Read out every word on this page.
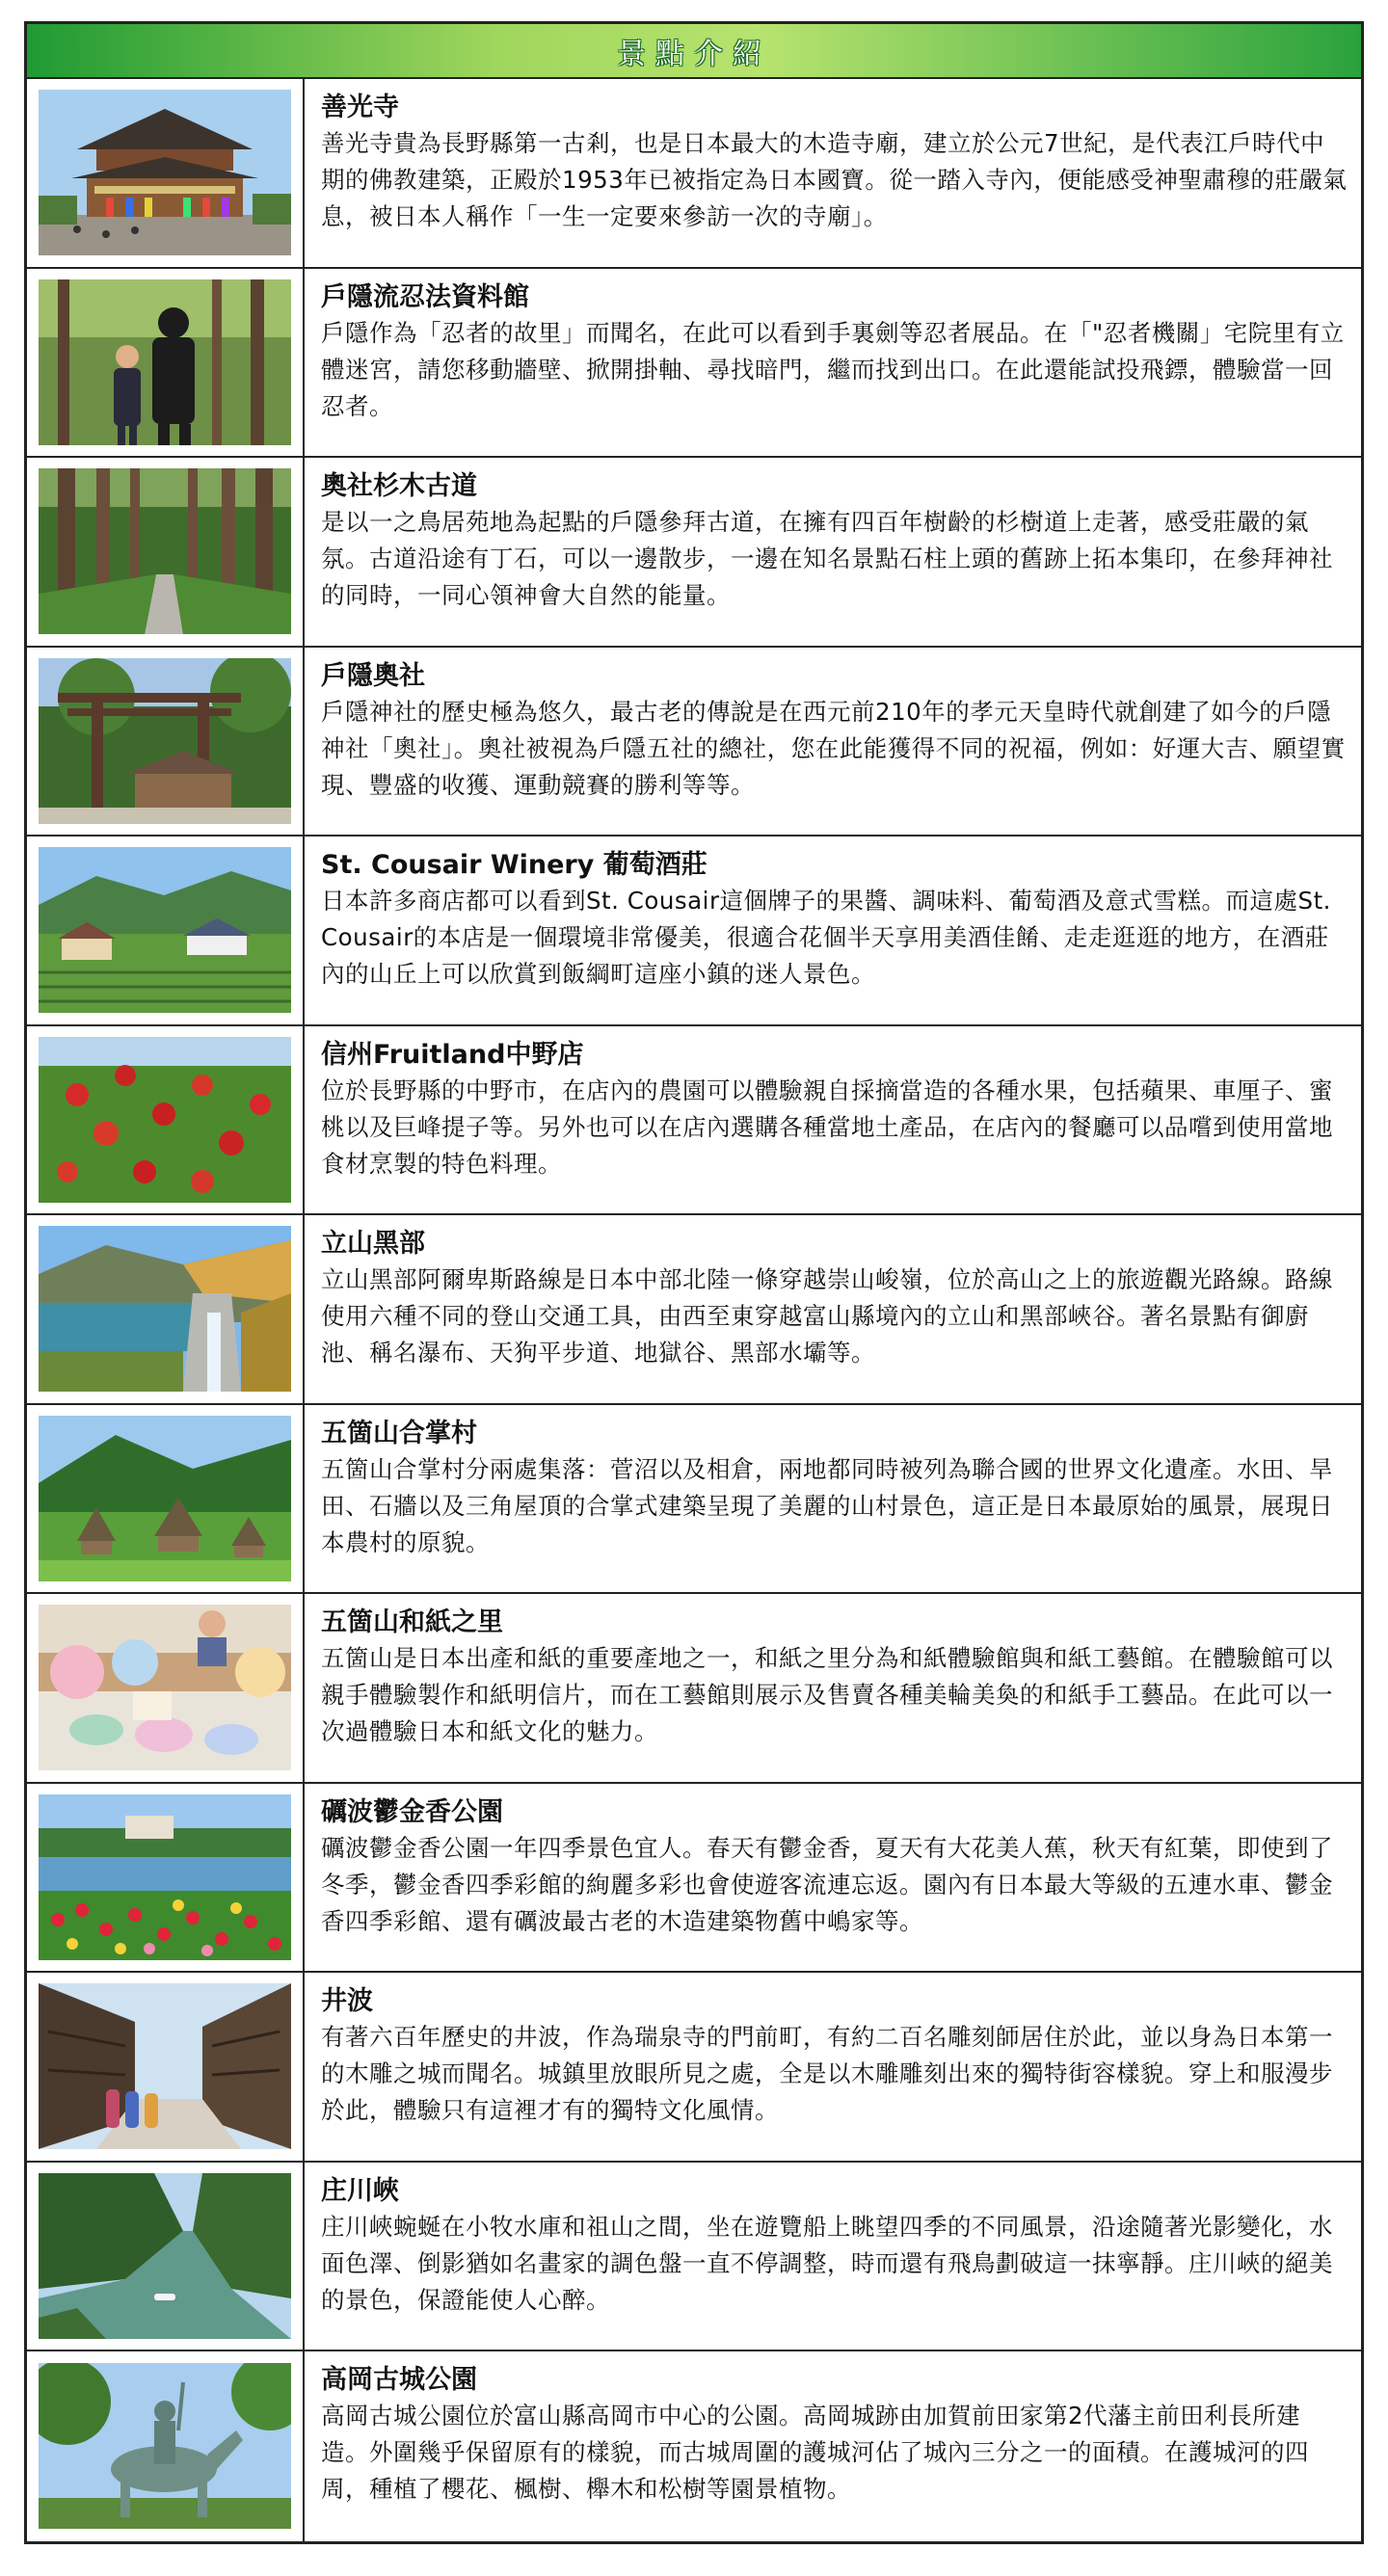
景點介紹
善光寺
善光寺貴為長野縣第一古剎，也是日本最大的木造寺廟，建立於公元7世紀，是代表江戶時代中期的佛教建築，正殿於1953年已被指定為日本國寶。從一踏入寺內，便能感受神聖肅穆的莊嚴氣息，被日本人稱作「一生一定要來參訪一次的寺廟」。
戶隱流忍法資料館
戶隱作為「忍者的故里」而聞名，在此可以看到手裏劍等忍者展品。在「"忍者機關」宅院里有立體迷宮，請您移動牆壁、掀開掛軸、尋找暗門，繼而找到出口。在此還能試投飛鏢，體驗當一回忍者。
奧社杉木古道
是以一之鳥居苑地為起點的戶隱參拜古道，在擁有四百年樹齡的杉樹道上走著，感受莊嚴的氣氛。古道沿途有丁石，可以一邊散步，一邊在知名景點石柱上頭的舊跡上拓本集印，在參拜神社的同時，一同心領神會大自然的能量。
戶隱奧社
戶隱神社的歷史極為悠久，最古老的傳說是在西元前210年的孝元天皇時代就創建了如今的戶隱神社「奧社」。奧社被視為戶隱五社的總社，您在此能獲得不同的祝福，例如：好運大吉、願望實現、豐盛的收獲、運動競賽的勝利等等。
St. Cousair Winery 葡萄酒莊
日本許多商店都可以看到St. Cousair這個牌子的果醬、調味料、葡萄酒及意式雪糕。而這處St. Cousair的本店是一個環境非常優美，很適合花個半天享用美酒佳餚、走走逛逛的地方，在酒莊內的山丘上可以欣賞到飯綱町這座小鎮的迷人景色。
信州Fruitland中野店
位於長野縣的中野市，在店內的農園可以體驗親自採摘當造的各種水果，包括蘋果、車厘子、蜜桃以及巨峰提子等。另外也可以在店內選購各種當地土產品，在店內的餐廳可以品嚐到使用當地食材烹製的特色料理。
立山黑部
立山黑部阿爾卑斯路線是日本中部北陸一條穿越崇山峻嶺，位於高山之上的旅遊觀光路線。路線使用六種不同的登山交通工具，由西至東穿越富山縣境內的立山和黑部峽谷。著名景點有御廚池、稱名瀑布、天狗平步道、地獄谷、黑部水壩等。
五箇山合掌村
五箇山合掌村分兩處集落：菅沼以及相倉，兩地都同時被列為聯合國的世界文化遺產。水田、旱田、石牆以及三角屋頂的合掌式建築呈現了美麗的山村景色，這正是日本最原始的風景，展現日本農村的原貌。
五箇山和紙之里
五箇山是日本出產和紙的重要產地之一，和紙之里分為和紙體驗館與和紙工藝館。在體驗館可以親手體驗製作和紙明信片，而在工藝館則展示及售賣各種美輪美奐的和紙手工藝品。在此可以一次過體驗日本和紙文化的魅力。
礪波鬱金香公園
礪波鬱金香公園一年四季景色宜人。春天有鬱金香，夏天有大花美人蕉，秋天有紅葉，即使到了冬季，鬱金香四季彩館的絢麗多彩也會使遊客流連忘返。園內有日本最大等級的五連水車、鬱金香四季彩館、還有礪波最古老的木造建築物舊中嶋家等。
井波
有著六百年歷史的井波，作為瑞泉寺的門前町，有約二百名雕刻師居住於此，並以身為日本第一的木雕之城而聞名。城鎮里放眼所見之處，全是以木雕雕刻出來的獨特街容樣貌。穿上和服漫步於此，體驗只有這裡才有的獨特文化風情。
庄川峽
庄川峽蜿蜒在小牧水庫和祖山之間，坐在遊覽船上眺望四季的不同風景，沿途隨著光影變化，水面色澤、倒影猶如名畫家的調色盤一直不停調整，時而還有飛鳥劃破這一抹寧靜。庄川峽的絕美的景色，保證能使人心醉。
高岡古城公園
高岡古城公園位於富山縣高岡市中心的公園。高岡城跡由加賀前田家第2代藩主前田利長所建造。外圍幾乎保留原有的樣貌，而古城周圍的護城河佔了城內三分之一的面積。在護城河的四周，種植了櫻花、楓樹、櫸木和松樹等園景植物。
